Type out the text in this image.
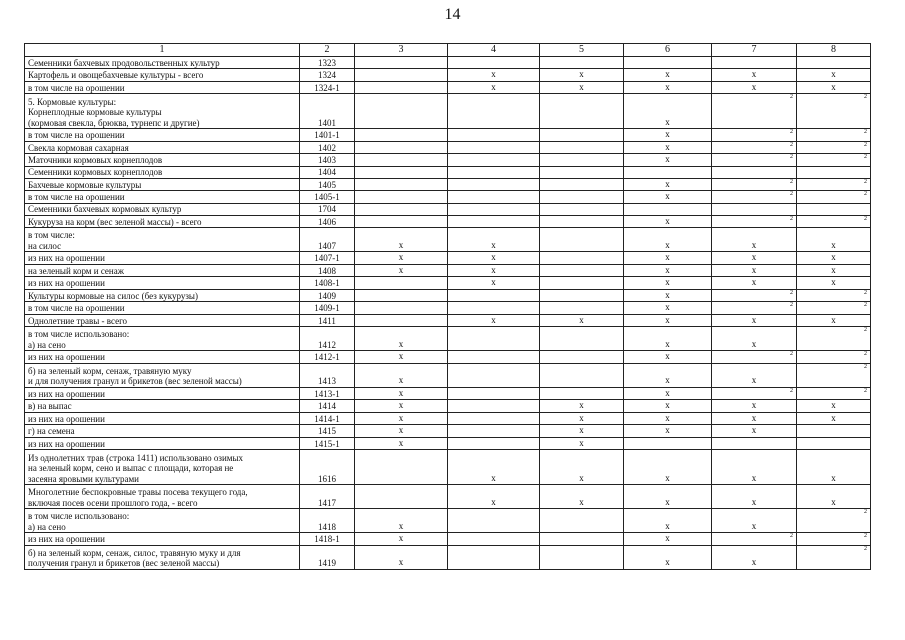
14
1	2	3	4	5	6	7	8

Семенники бахчевых продовольственных культур	1323						

Картофель и овощебахчевые культуры - всего	1324		x	x	x	x	x

в том числе на орошении	1324-1		x	x	x	x	x

5. Кормовые культуры:
Корнеплодные кормовые культуры
(кормовая свекла, брюква, турнепс и другие)	1401				x	2	2

в том числе на орошении	1401-1				x	2	2

Свекла кормовая сахарная	1402				x	2	2

Маточники кормовых корнеплодов	1403				x	2	2

Семенники кормовых корнеплодов	1404						

Бахчевые кормовые культуры	1405				x	2	2

в том числе на орошении	1405-1				x	2	2

Семенники бахчевых кормовых культур	1704						

Кукуруза на корм (вес зеленой массы) - всего	1406				x	2	2

в том числе:
на силос	1407	x	x		x	x	x

из них на орошении	1407-1	x	x		x	x	x

на зеленый корм и сенаж	1408	x	x		x	x	x

из них на орошении	1408-1		x		x	x	x

Культуры кормовые на силос (без кукурузы)	1409				x	2	2

в том числе на орошении	1409-1				x	2	2

Однолетние травы - всего	1411		x	x	x	x	x

в том числе использовано:
а) на сено	1412	x			x	x	2

из них на орошении	1412-1	x			x	2	2

б) на зеленый корм, сенаж, травяную муку
и для получения гранул и брикетов (вес зеленой массы)	1413	x			x	x	2

из них на орошении	1413-1	x			x	2	2

в) на выпас	1414	x		x	x	x	x

из них на орошении	1414-1	x		x	x	x	x

г) на семена	1415	x		x	x	x	

из них на орошении	1415-1	x		x			

Из однолетних трав (строка 1411) использовано озимых
на зеленый корм, сено и выпас с площади, которая не
засеяна яровыми культурами	1616		x	x	x	x	x

Многолетние беспокровные травы посева текущего года,
включая посев осени прошлого года, - всего	1417		x	x	x	x	x

в том числе использовано:
а) на сено	1418	x			x	x	2

из них на орошении	1418-1	x			x	2	2

б) на зеленый корм, сенаж, силос, травяную муку и для
получения гранул и брикетов (вес зеленой массы)	1419	x			x	x	2
